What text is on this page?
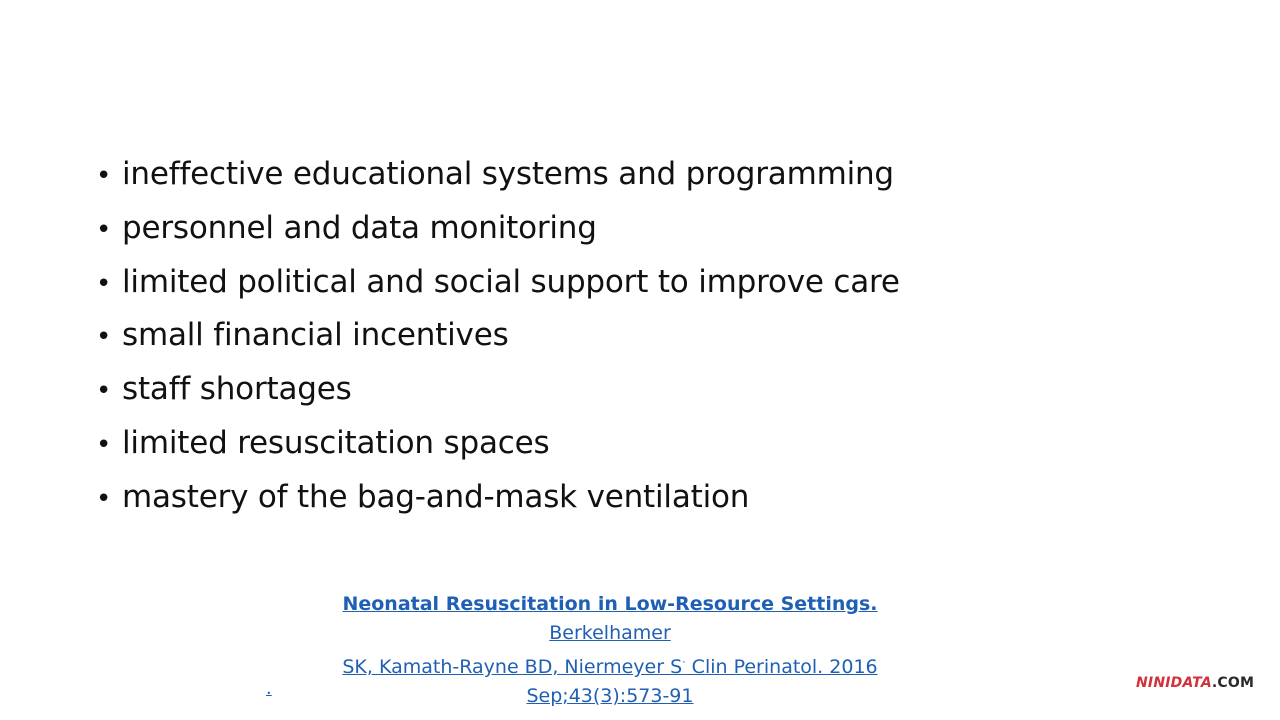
• ineffective educational systems and programming
• personnel and data monitoring
• limited political and social support to improve care
• small financial incentives
• staff shortages
• limited resuscitation spaces
• mastery of the bag-and-mask ventilation
Neonatal Resuscitation in Low-Resource Settings. Berkelhamer
SK, Kamath-Rayne BD, Niermeyer S· Clin Perinatol. 2016
Sep;43(3):573-91
.	NINIDATA.COM
